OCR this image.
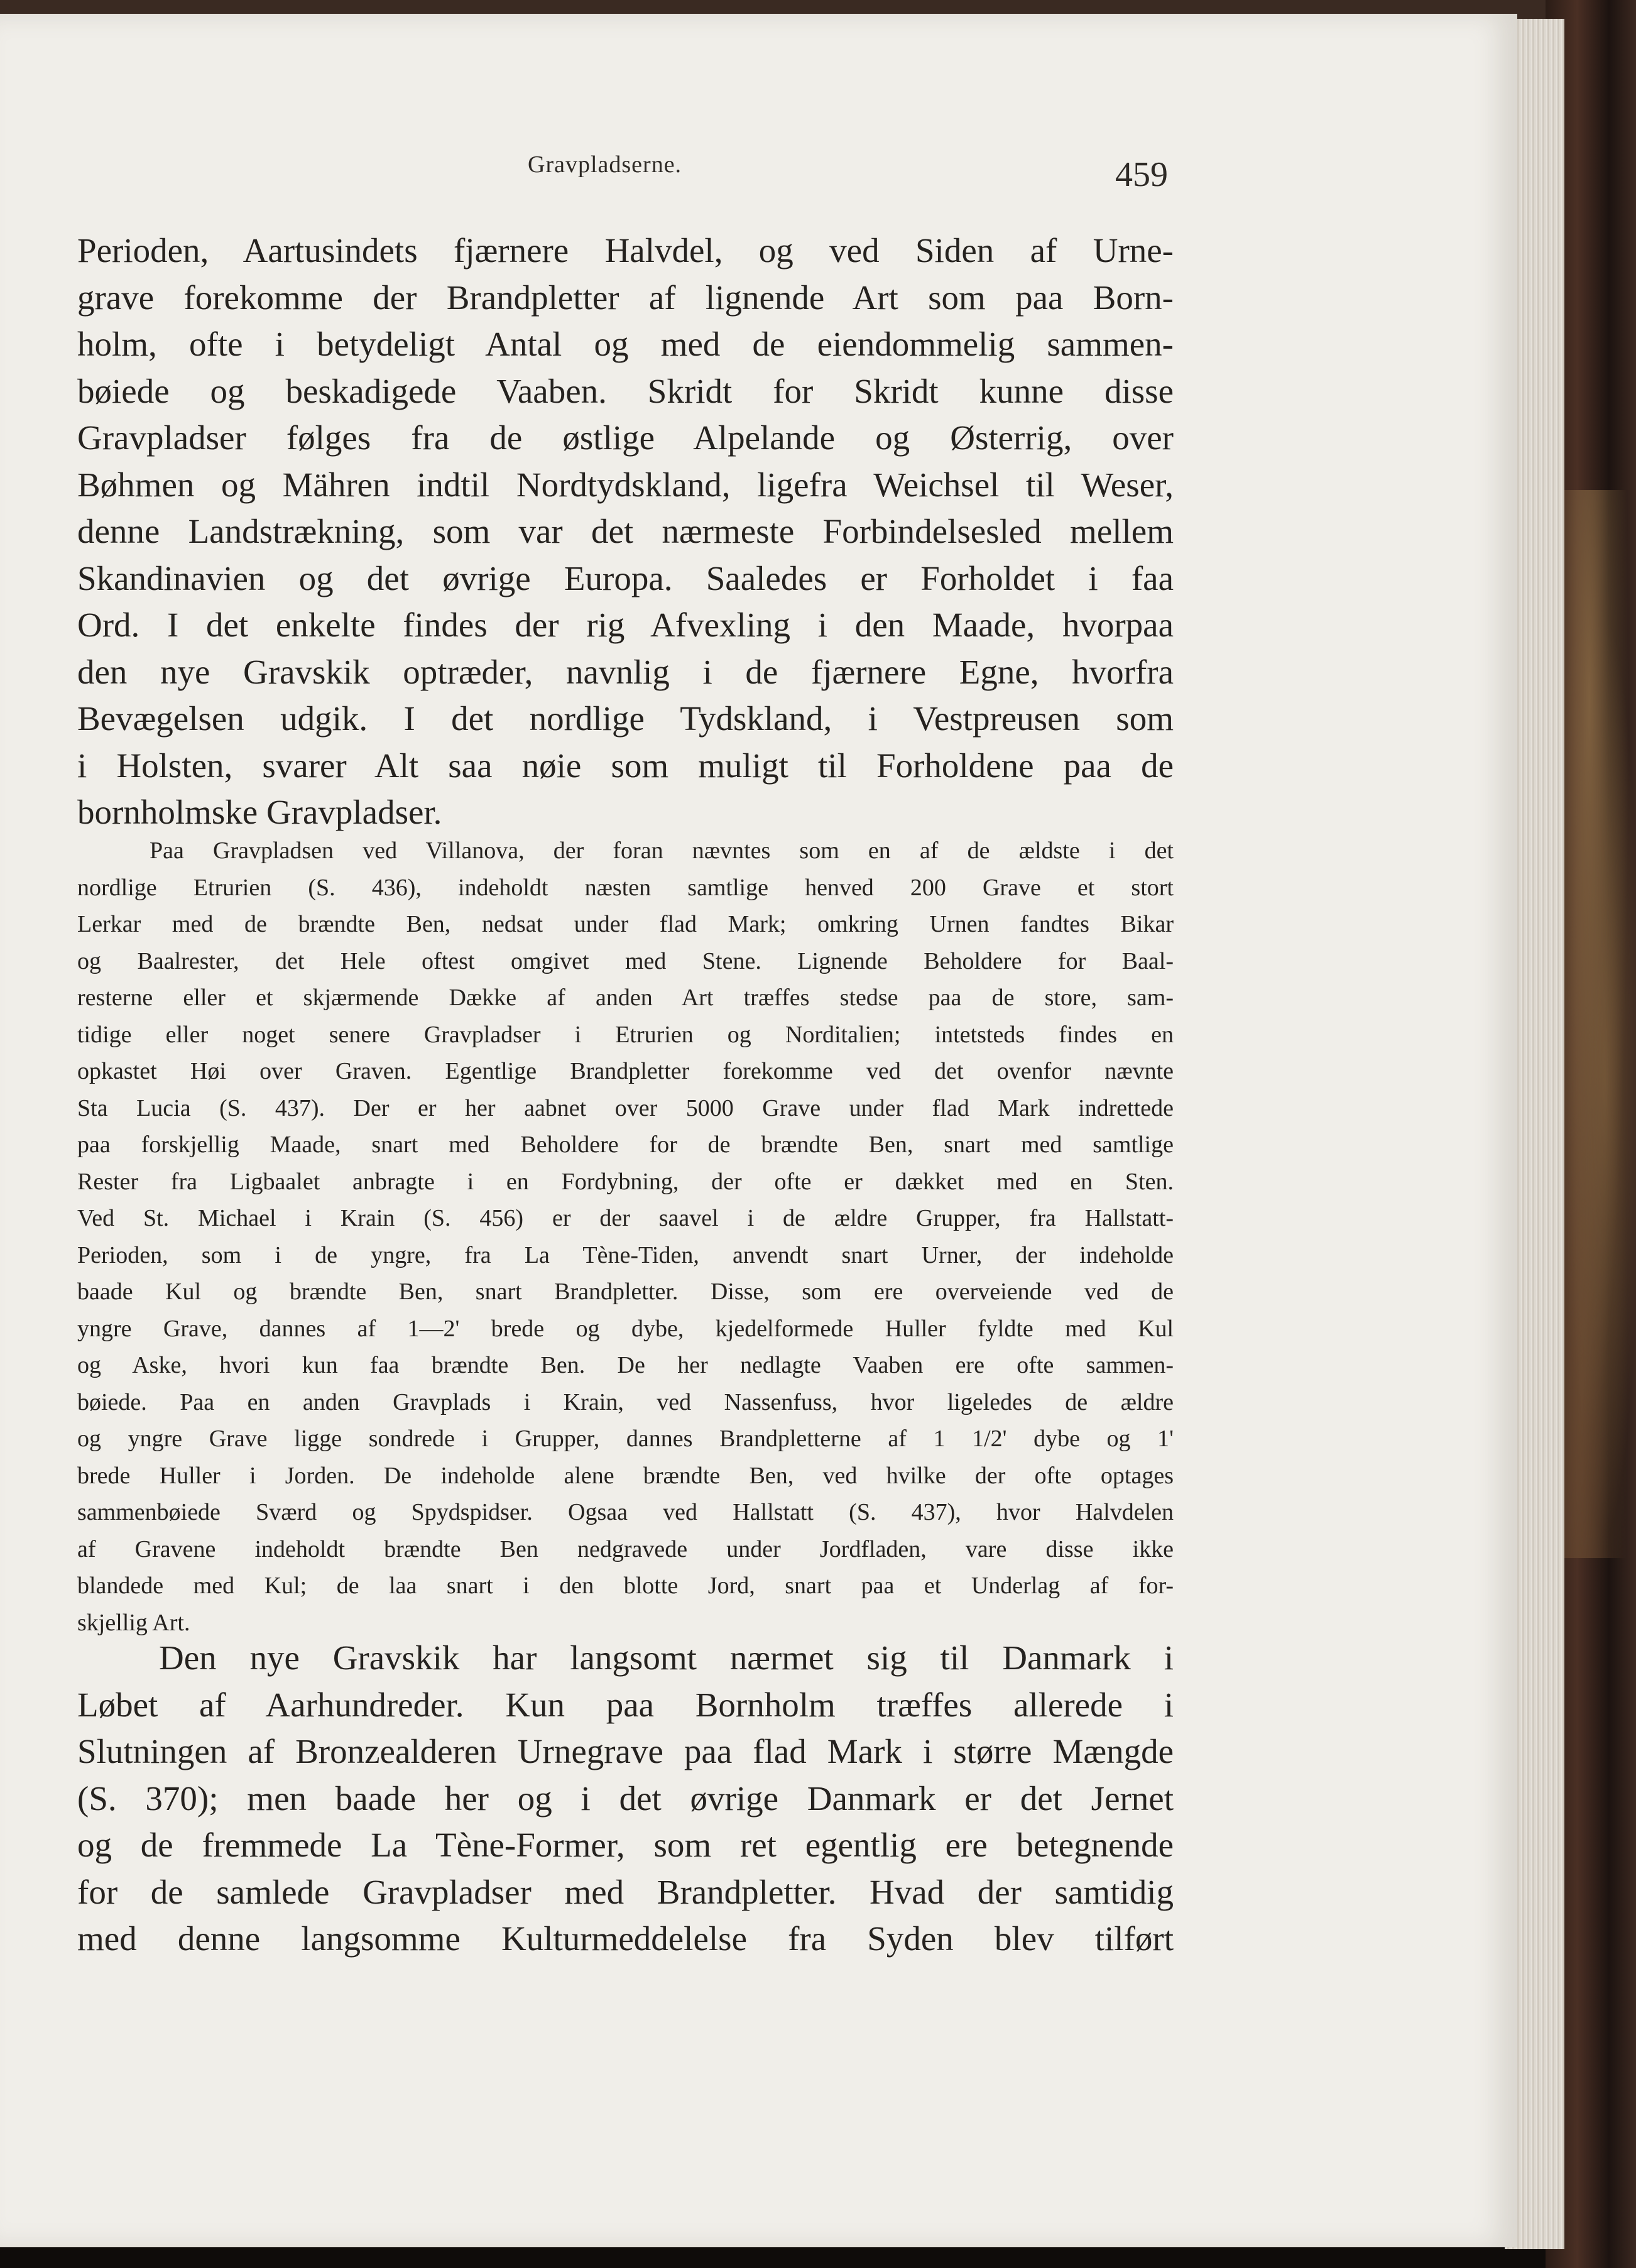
Gravpladserne.	459
Perioden, Aartusindets fjærnere Halvdel, og ved Siden af Urne-
grave forekomme der Brandpletter af lignende Art som paa Born-
holm, ofte i betydeligt Antal og med de eiendommelig sammen-
bøiede og beskadigede Vaaben. Skridt for Skridt kunne disse
Gravpladser følges fra de østlige Alpelande og Østerrig, over
Bøhmen og Mähren indtil Nordtydskland, ligefra Weichsel til Weser,
denne Landstrækning, som var det nærmeste Forbindelsesled mellem
Skandinavien og det øvrige Europa. Saaledes er Forholdet i faa
Ord. I det enkelte findes der rig Afvexling i den Maade, hvorpaa
den nye Gravskik optræder, navnlig i de fjærnere Egne, hvorfra
Bevægelsen udgik. I det nordlige Tydskland, i Vestpreusen som
i Holsten, svarer Alt saa nøie som muligt til Forholdene paa de
bornholmske Gravpladser.
Paa Gravpladsen ved Villanova, der foran nævntes som en af de ældste i det
nordlige Etrurien (S. 436), indeholdt næsten samtlige henved 200 Grave et stort
Lerkar med de brændte Ben, nedsat under flad Mark; omkring Urnen fandtes Bikar
og Baalrester, det Hele oftest omgivet med Stene. Lignende Beholdere for Baal-
resterne eller et skjærmende Dække af anden Art træffes stedse paa de store, sam-
tidige eller noget senere Gravpladser i Etrurien og Norditalien; intetsteds findes en
opkastet Høi over Graven. Egentlige Brandpletter forekomme ved det ovenfor nævnte
Sta Lucia (S. 437). Der er her aabnet over 5000 Grave under flad Mark indrettede
paa forskjellig Maade, snart med Beholdere for de brændte Ben, snart med samtlige
Rester fra Ligbaalet anbragte i en Fordybning, der ofte er dækket med en Sten.
Ved St. Michael i Krain (S. 456) er der saavel i de ældre Grupper, fra Hallstatt-
Perioden, som i de yngre, fra La Tène-Tiden, anvendt snart Urner, der indeholde
baade Kul og brændte Ben, snart Brandpletter. Disse, som ere overveiende ved de
yngre Grave, dannes af 1—2' brede og dybe, kjedelformede Huller fyldte med Kul
og Aske, hvori kun faa brændte Ben. De her nedlagte Vaaben ere ofte sammen-
bøiede. Paa en anden Gravplads i Krain, ved Nassenfuss, hvor ligeledes de ældre
og yngre Grave ligge sondrede i Grupper, dannes Brandpletterne af 1 1/2' dybe og 1'
brede Huller i Jorden. De indeholde alene brændte Ben, ved hvilke der ofte optages
sammenbøiede Sværd og Spydspidser. Ogsaa ved Hallstatt (S. 437), hvor Halvdelen
af Gravene indeholdt brændte Ben nedgravede under Jordfladen, vare disse ikke
blandede med Kul; de laa snart i den blotte Jord, snart paa et Underlag af for-
skjellig Art.
Den nye Gravskik har langsomt nærmet sig til Danmark i
Løbet af Aarhundreder. Kun paa Bornholm træffes allerede i
Slutningen af Bronzealderen Urnegrave paa flad Mark i større Mængde
(S. 370); men baade her og i det øvrige Danmark er det Jernet
og de fremmede La Tène-Former, som ret egentlig ere betegnende
for de samlede Gravpladser med Brandpletter. Hvad der samtidig
med denne langsomme Kulturmeddelelse fra Syden blev tilført
